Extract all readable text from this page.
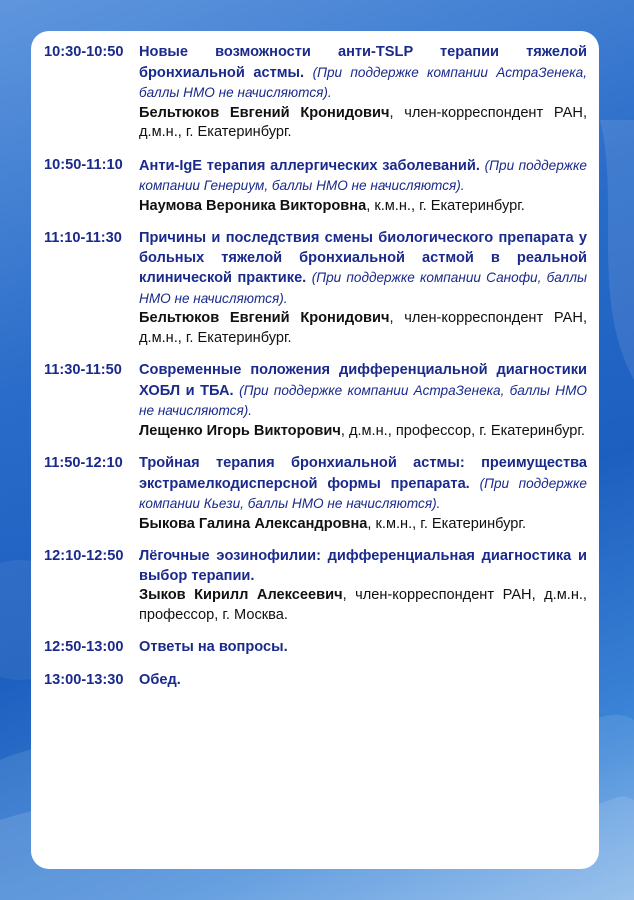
10:30-10:50	Новые возможности анти-TSLP терапии тяжелой бронхиальной астмы. (При поддержке компании АстраЗенека, баллы НМО не начисляются).
Бельтюков Евгений Кронидович, член-корреспондент РАН, д.м.н., г. Екатеринбург.
10:50-11:10	Анти-IgE терапия аллергических заболеваний. (При поддержке компании Генериум, баллы НМО не начисляются).
Наумова Вероника Викторовна, к.м.н., г. Екатеринбург.
11:10-11:30	Причины и последствия смены биологического препарата у больных тяжелой бронхиальной астмой в реальной клинической практике. (При поддержке компании Санофи, баллы НМО не начисляются).
Бельтюков Евгений Кронидович, член-корреспондент РАН, д.м.н., г. Екатеринбург.
11:30-11:50	Современные положения дифференциальной диагностики ХОБЛ и ТБА. (При поддержке компании АстраЗенека, баллы НМО не начисляются).
Лещенко Игорь Викторович, д.м.н., профессор, г. Екатеринбург.
11:50-12:10	Тройная терапия бронхиальной астмы: преимущества экстрамелкодисперсной формы препарата. (При поддержке компании Кьези, баллы НМО не начисляются).
Быкова Галина Александровна, к.м.н., г. Екатеринбург.
12:10-12:50	Лёгочные эозинофилии: дифференциальная диагностика и выбор терапии.
Зыков Кирилл Алексеевич, член-корреспондент РАН, д.м.н., профессор, г. Москва.
12:50-13:00	Ответы на вопросы.
13:00-13:30	Обед.
